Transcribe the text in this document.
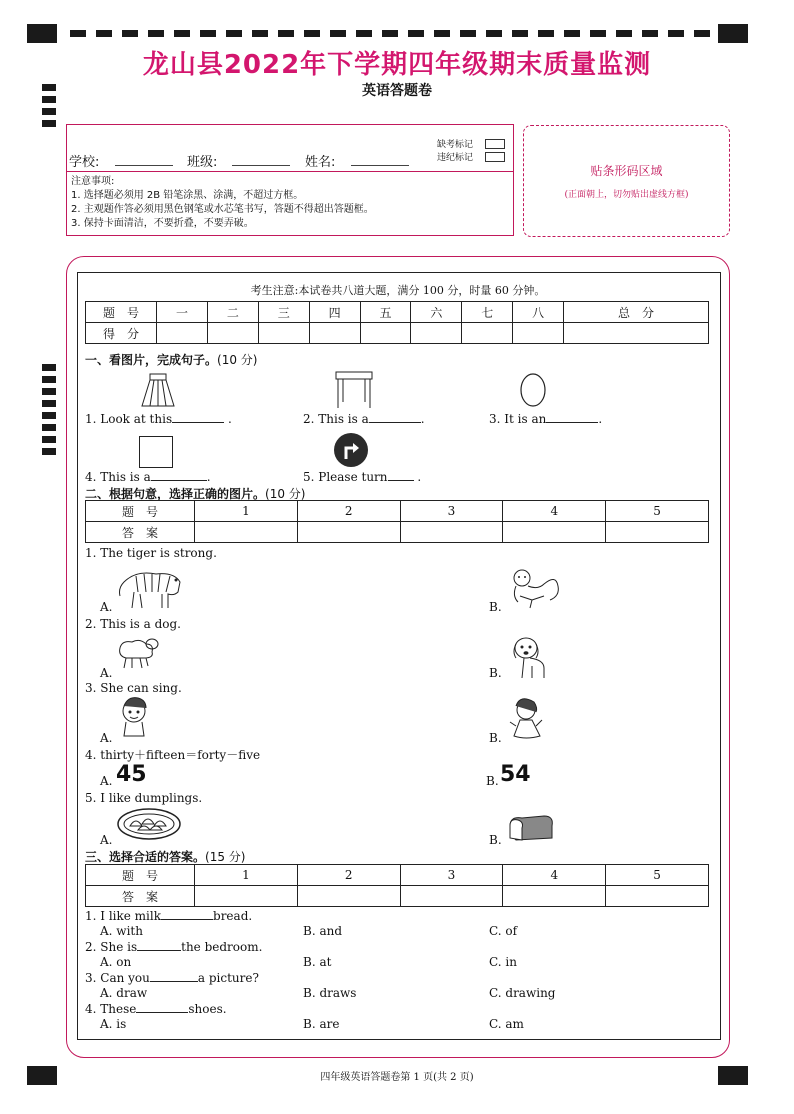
龙山县2022年下学期四年级期末质量监测
英语答题卷
学校:	班级:	姓名:
缺考标记
违纪标记
注意事项:
1. 选择题必须用 2B 铅笔涂黑、涂满，不超过方框。
2. 主观题作答必须用黑色钢笔或水芯笔书写，答题不得超出答题框。
3. 保持卡面清洁，不要折叠，不要弄破。
贴条形码区域
(正面朝上，切勿贴出虚线方框)
考生注意:本试卷共八道大题，满分 100 分，时量 60 分钟。
题　号	一	二	三	四	五	六	七	八	总　分
得　分									
一、看图片，完成句子。(10 分)
1. Look at this	.	2. This is a	.	3. It is an	.
4. This is a	.	5. Please turn .
二、根据句意，选择正确的图片。(10 分)
题　号	1	2	3	4	5
答　案					
1. The tiger is strong.
A.	B.
2. This is a dog.
A.	B.
3. She can sing.
A.	B.
4. thirty＋fifteen＝forty－five
A. 45	B. 54
5. I like dumplings.
A.	B.
三、选择合适的答案。(15 分)
题　号	1	2	3	4	5
答　案					
1. I like milk	bread.
A. with	B. and	C. of
2. She is	the bedroom.
A. on	B. at	C. in
3. Can you	a picture?
A. draw	B. draws	C. drawing
4. These	shoes.
A. is	B. are	C. am
四年级英语答题卷第 1 页(共 2 页)
